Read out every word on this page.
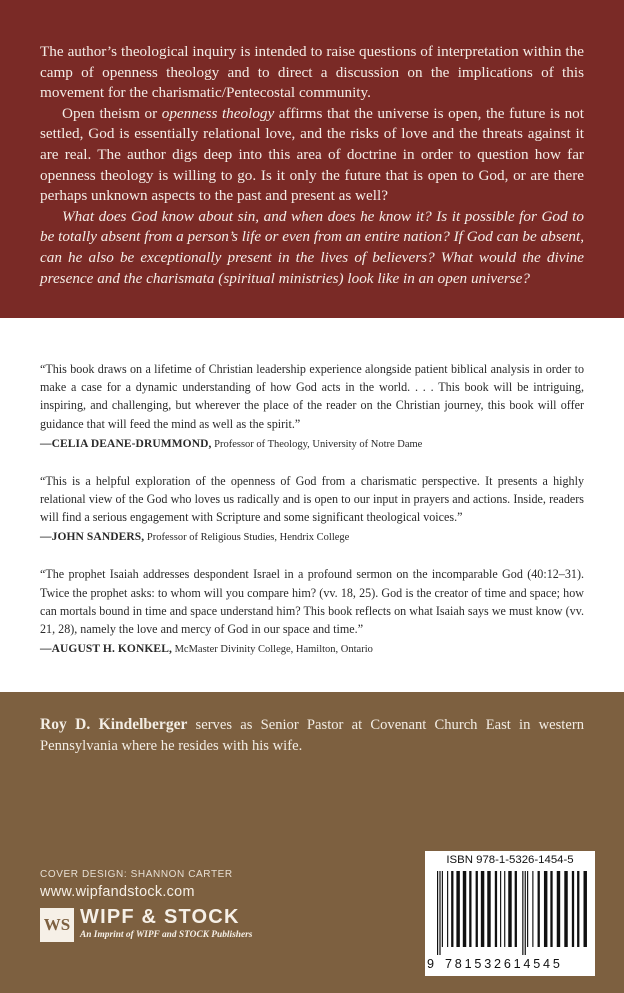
The author’s theological inquiry is intended to raise questions of interpretation within the camp of openness theology and to direct a discussion on the implications of this movement for the charismatic/Pentecostal community.

Open theism or openness theology affirms that the universe is open, the future is not settled, God is essentially relational love, and the risks of love and the threats against it are real. The author digs deep into this area of doctrine in order to question how far openness theology is willing to go. Is it only the future that is open to God, or are there perhaps unknown aspects to the past and present as well?

What does God know about sin, and when does he know it? Is it possible for God to be totally absent from a person’s life or even from an entire nation? If God can be absent, can he also be exceptionally present in the lives of believers? What would the divine presence and the charismata (spiritual ministries) look like in an open universe?

“This book draws on a lifetime of Christian leadership experience alongside patient biblical analysis in order to make a case for a dynamic understanding of how God acts in the world. . . . This book will be intriguing, inspiring, and challenging, but wherever the place of the reader on the Christian journey, this book will offer guidance that will feed the mind as well as the spirit.”

—CELIA DEANE-DRUMMOND, Professor of Theology, University of Notre Dame

“This is a helpful exploration of the openness of God from a charismatic perspective. It presents a highly relational view of the God who loves us radically and is open to our input in prayers and actions. Inside, readers will find a serious engagement with Scripture and some significant theological voices.”

—JOHN SANDERS, Professor of Religious Studies, Hendrix College

“The prophet Isaiah addresses despondent Israel in a profound sermon on the incomparable God (40:12–31). Twice the prophet asks: to whom will you compare him? (vv. 18, 25). God is the creator of time and space; how can mortals bound in time and space understand him? This book reflects on what Isaiah says we must know (vv. 21, 28), namely the love and mercy of God in our space and time.”

—AUGUST H. KONKEL, McMaster Divinity College, Hamilton, Ontario

Roy D. Kindelberger serves as Senior Pastor at Covenant Church East in western Pennsylvania where he resides with his wife.

COVER DESIGN: SHANNON CARTER
www.wipfandstock.com
WS WIPF & STOCK
An Imprint of WIPF and STOCK Publishers
ISBN 978-1-5326-1454-5
9 781532614545
